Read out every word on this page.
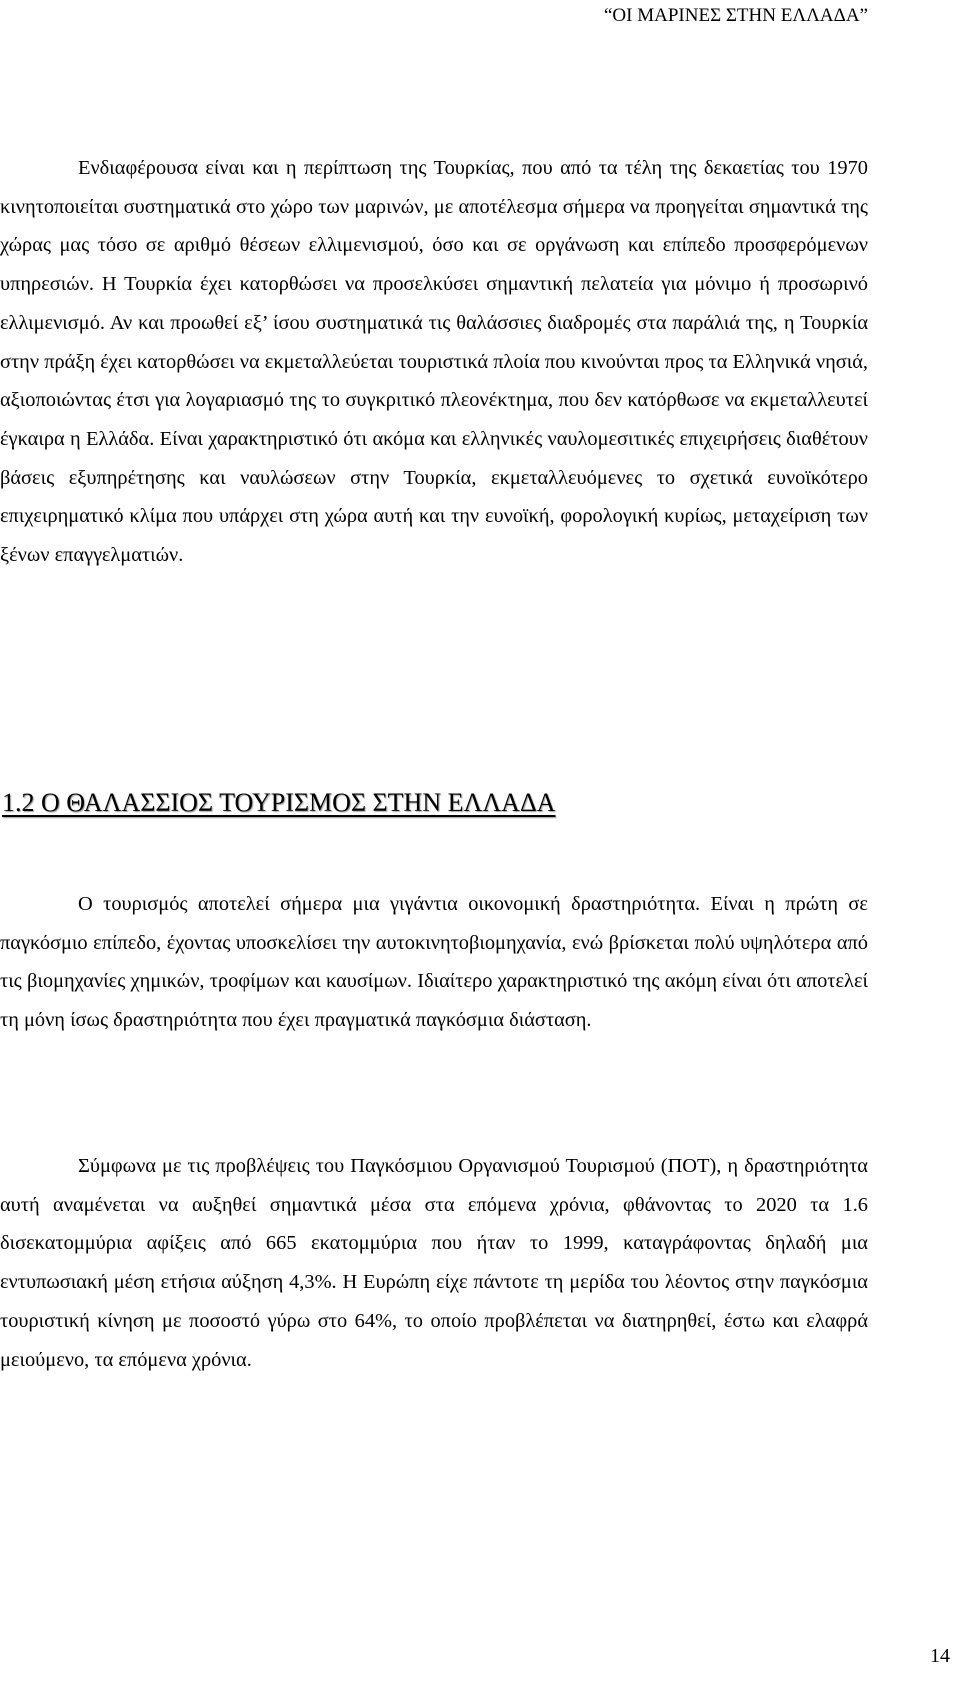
“ΟΙ ΜΑΡΙΝΕΣ ΣΤΗΝ ΕΛΛΑΔΑ”

Ενδιαφέρουσα είναι και η περίπτωση της Τουρκίας, που από τα τέλη της δεκαετίας του 1970 κινητοποιείται συστηματικά στο χώρο των μαρινών, με αποτέλεσμα σήμερα να προηγείται σημαντικά της χώρας μας τόσο σε αριθμό θέσεων ελλιμενισμού, όσο και σε οργάνωση και επίπεδο προσφερόμενων υπηρεσιών. Η Τουρκία έχει κατορθώσει να προσελκύσει σημαντική πελατεία για μόνιμο ή προσωρινό ελλιμενισμό. Αν και προωθεί εξ’ ίσου συστηματικά τις θαλάσσιες διαδρομές στα παράλιά της, η Τουρκία στην πράξη έχει κατορθώσει να εκμεταλλεύεται τουριστικά πλοία που κινούνται προς τα Ελληνικά νησιά, αξιοποιώντας έτσι για λογαριασμό της το συγκριτικό πλεονέκτημα, που δεν κατόρθωσε να εκμεταλλευτεί έγκαιρα η Ελλάδα. Είναι χαρακτηριστικό ότι ακόμα και ελληνικές ναυλομεσιτικές επιχειρήσεις διαθέτουν βάσεις εξυπηρέτησης και ναυλώσεων στην Τουρκία, εκμεταλλευόμενες το σχετικά ευνοϊκότερο επιχειρηματικό κλίμα που υπάρχει στη χώρα αυτή και την ευνοϊκή, φορολογική κυρίως, μεταχείριση των ξένων επαγγελματιών.

1.2 Ο ΘΑΛΑΣΣΙΟΣ ΤΟΥΡΙΣΜΟΣ ΣΤΗΝ ΕΛΛΑΔΑ

Ο τουρισμός αποτελεί σήμερα μια γιγάντια οικονομική δραστηριότητα. Είναι η πρώτη σε παγκόσμιο επίπεδο, έχοντας υποσκελίσει την αυτοκινητοβιομηχανία, ενώ βρίσκεται πολύ υψηλότερα από τις βιομηχανίες χημικών, τροφίμων και καυσίμων. Ιδιαίτερο χαρακτηριστικό της ακόμη είναι ότι αποτελεί τη μόνη ίσως δραστηριότητα που έχει πραγματικά παγκόσμια διάσταση.

Σύμφωνα με τις προβλέψεις του Παγκόσμιου Οργανισμού Τουρισμού (ΠΟΤ), η δραστηριότητα αυτή αναμένεται να αυξηθεί σημαντικά μέσα στα επόμενα χρόνια, φθάνοντας το 2020 τα 1.6 δισεκατομμύρια αφίξεις από 665 εκατομμύρια που ήταν το 1999, καταγράφοντας δηλαδή μια εντυπωσιακή μέση ετήσια αύξηση 4,3%. Η Ευρώπη είχε πάντοτε τη μερίδα του λέοντος στην παγκόσμια τουριστική κίνηση με ποσοστό γύρω στο 64%, το οποίο προβλέπεται να διατηρηθεί, έστω και ελαφρά μειούμενο, τα επόμενα χρόνια.

14
